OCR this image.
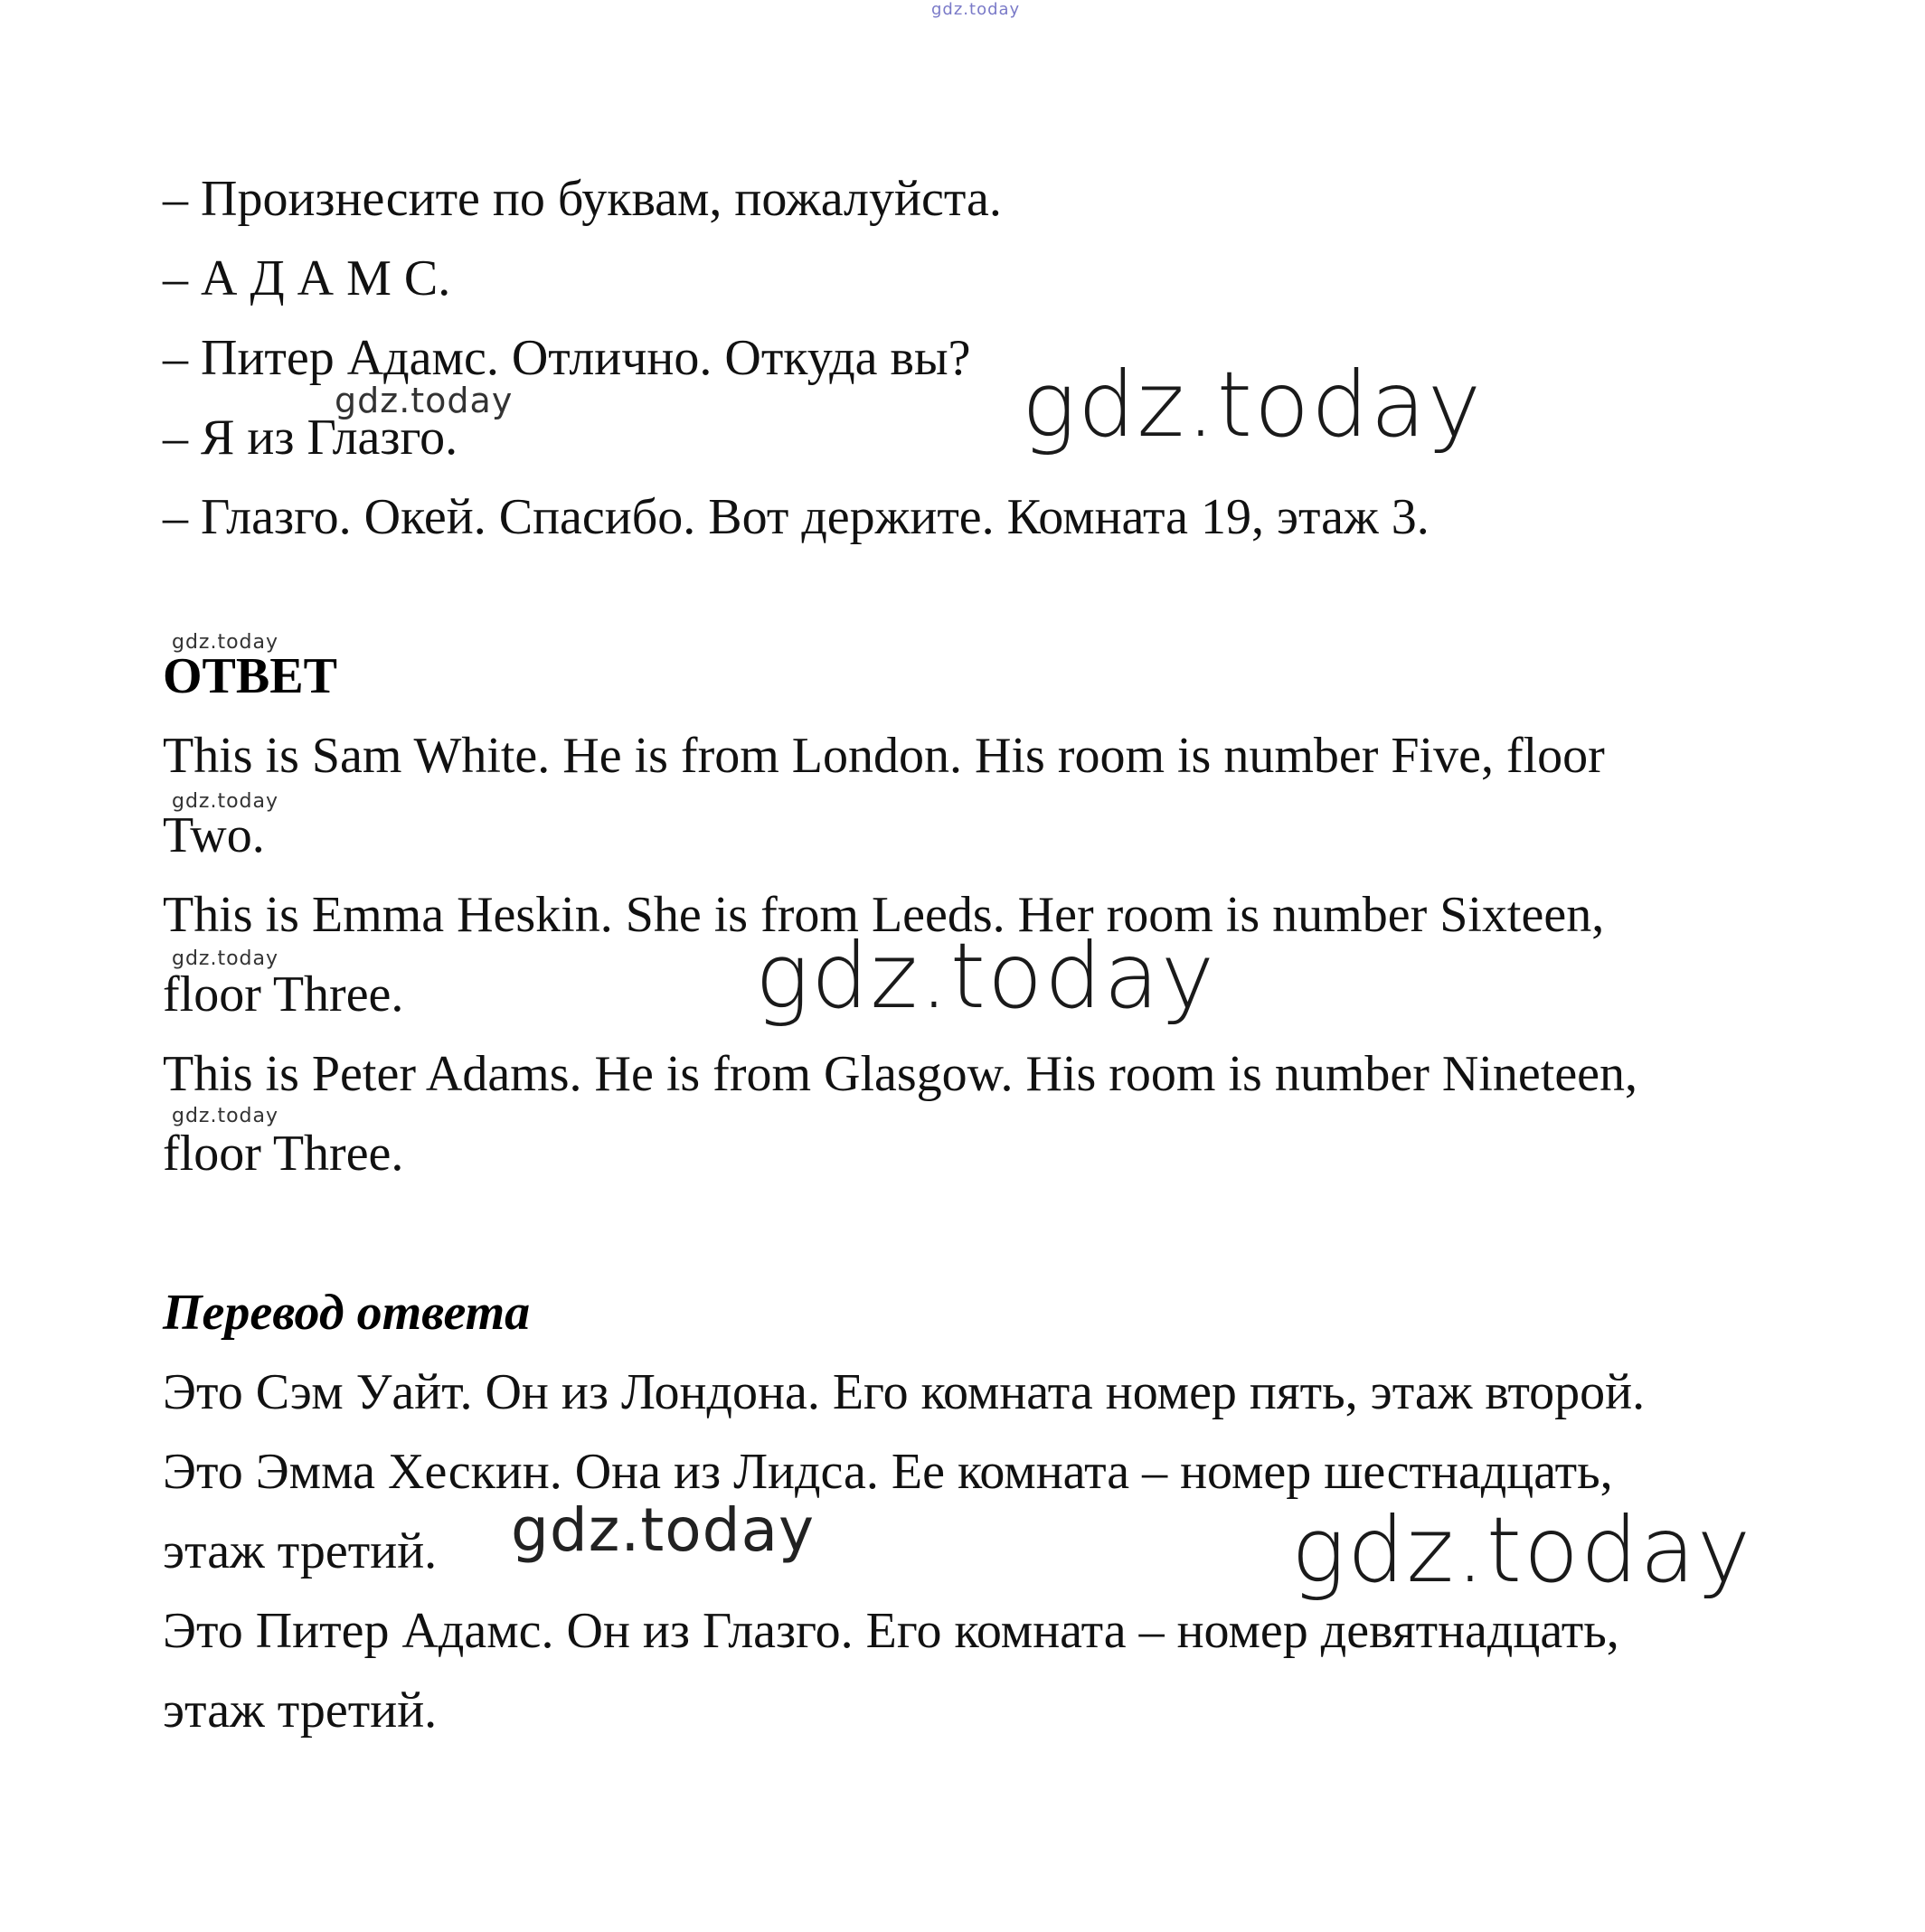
gdz.today
– Произнесите по буквам, пожалуйста.
– А Д А М С.
– Питер Адамс. Отлично. Откуда вы?
– Я из Глазго.
– Глазго. Окей. Спасибо. Вот держите. Комната 19, этаж 3.
gdz.today	gdz.today
gdz.today
ОТВЕТ
This is Sam White. He is from London. His room is number Five, floor
gdz.today
Two.
This is Emma Heskin. She is from Leeds. Her room is number Sixteen,
gdz.today
floor Three.	gdz.today
This is Peter Adams. He is from Glasgow. His room is number Nineteen,
gdz.today
floor Three.
Перевод ответа
Это Сэм Уайт. Он из Лондона. Его комната номер пять, этаж второй.
Это Эмма Хескин. Она из Лидса. Ее комната – номер шестнадцать,
этаж третий. gdz.today	gdz.today
Это Питер Адамс. Он из Глазго. Его комната – номер девятнадцать,
этаж третий.
